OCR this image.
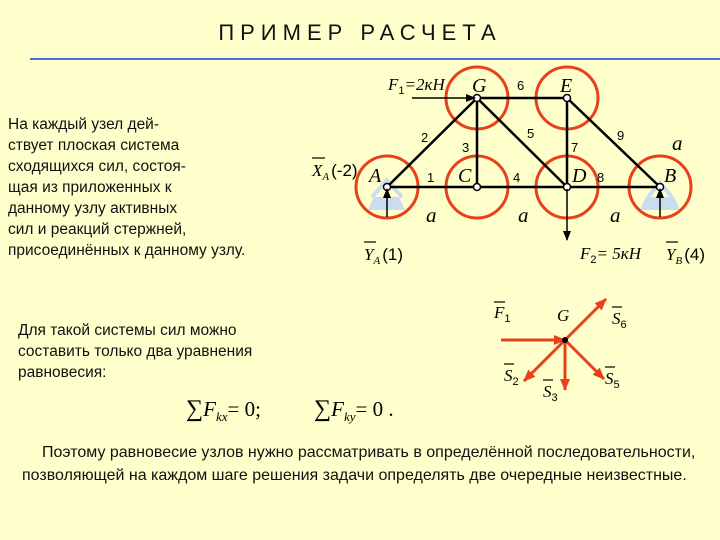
ПРИМЕР РАСЧЕТА
На каждый узел дей-
ствует плоская система
сходящихся сил, состоя-
щая из приложенных к
данному узлу активных
сил и реакций стержней,
присоединённых к данному узлу.
Для такой системы сил можно
составить только два уравнения
равновесия:
$\sum F_{kx}= 0$; $\sum F_{ky}= 0$ .
Поэтому равновесие узлов нужно рассматривать в определённой последовательности, позволяющей на каждом шаге решения задачи определять две очередные неизвестные.
A	C	D	B
G	E
1
2
3
4
5
6
7
8
9
a	a	a
a
$F_1=2кН$
$X_A$ (-2)
$Y_A$ (1)	$F_2= 5кН$ $Y_B$ (4)
$F_1$	G	$S_6$
$S_2$ $S_3$
$S_5$
